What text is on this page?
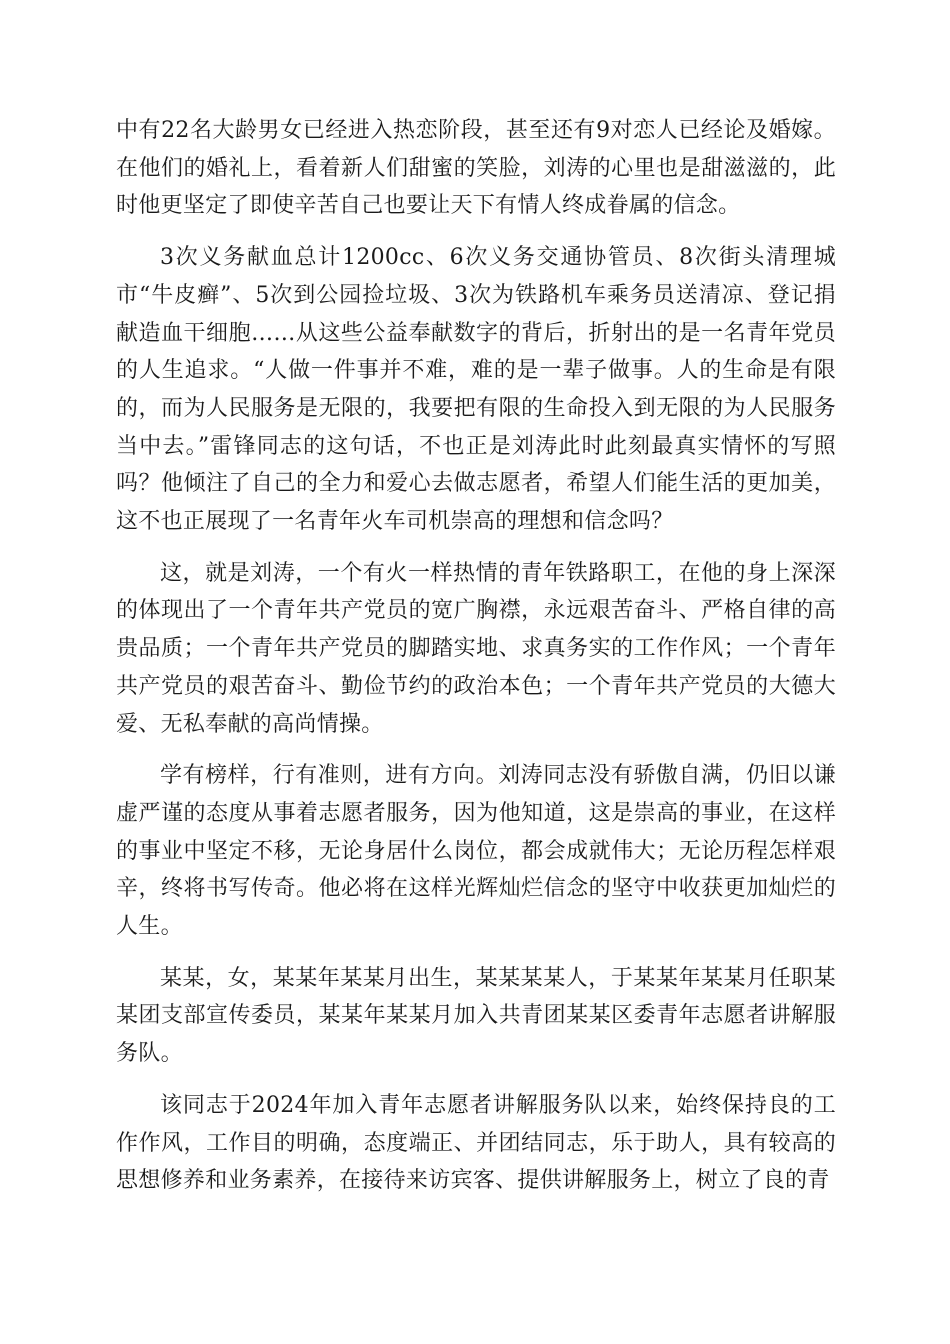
中有22名大龄男女已经进入热恋阶段，甚至还有9对恋人已经论及婚嫁。在他们的婚礼上，看着新人们甜蜜的笑脸，刘涛的心里也是甜滋滋的，此时他更坚定了即使辛苦自己也要让天下有情人终成眷属的信念。

3次义务献血总计1200cc、6次义务交通协管员、8次街头清理城市“牛皮癣”、5次到公园捡垃圾、3次为铁路机车乘务员送清凉、登记捐献造血干细胞……从这些公益奉献数字的背后，折射出的是一名青年党员的人生追求。“人做一件事并不难，难的是一辈子做事。人的生命是有限的，而为人民服务是无限的，我要把有限的生命投入到无限的为人民服务当中去。”雷锋同志的这句话，不也正是刘涛此时此刻最真实情怀的写照吗？他倾注了自己的全力和爱心去做志愿者，希望人们能生活的更加美，这不也正展现了一名青年火车司机崇高的理想和信念吗？

这，就是刘涛，一个有火一样热情的青年铁路职工，在他的身上深深的体现出了一个青年共产党员的宽广胸襟，永远艰苦奋斗、严格自律的高贵品质；一个青年共产党员的脚踏实地、求真务实的工作作风；一个青年共产党员的艰苦奋斗、勤俭节约的政治本色；一个青年共产党员的大德大爱、无私奉献的高尚情操。

学有榜样，行有准则，进有方向。刘涛同志没有骄傲自满，仍旧以谦虚严谨的态度从事着志愿者服务，因为他知道，这是崇高的事业，在这样的事业中坚定不移，无论身居什么岗位，都会成就伟大；无论历程怎样艰辛，终将书写传奇。他必将在这样光辉灿烂信念的坚守中收获更加灿烂的人生。

某某，女，某某年某某月出生，某某某某人，于某某年某某月任职某某团支部宣传委员，某某年某某月加入共青团某某区委青年志愿者讲解服务队。

该同志于2024年加入青年志愿者讲解服务队以来，始终保持良的工作作风，工作目的明确，态度端正、并团结同志，乐于助人，具有较高的思想修养和业务素养，在接待来访宾客、提供讲解服务上，树立了良的青
